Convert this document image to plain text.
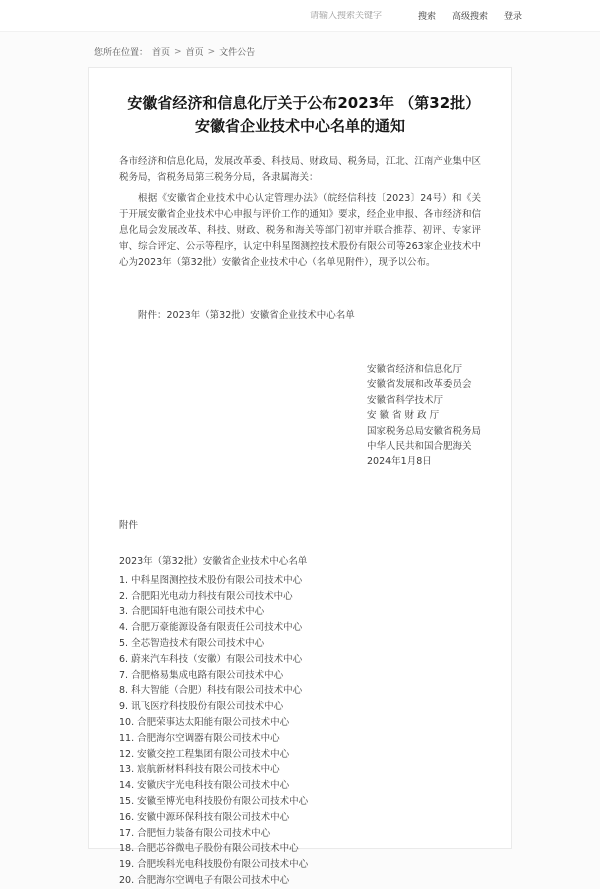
请输入搜索关键字
搜索 高级搜索 登录
您所在位置： 首页 > 首页 > 文件公告
安徽省经济和信息化厅关于公布2023年 （第32批）安徽省企业技术中心名单的通知
各市经济和信息化局，发展改革委、科技局、财政局、税务局，江北、江南产业集中区税务局，省税务局第三税务分局，各隶属海关：
根据《安徽省企业技术中心认定管理办法》（皖经信科技〔2023〕24号）和《关于开展安徽省企业技术中心申报与评价工作的通知》要求，经企业申报、各市经济和信息化局会发展改革、科技、财政、税务和海关等部门初审并联合推荐、初评、专家评审、综合评定、公示等程序，认定中科星图测控技术股份有限公司等263家企业技术中心为2023年（第32批）安徽省企业技术中心（名单见附件），现予以公布。
附件：2023年（第32批）安徽省企业技术中心名单
安徽省经济和信息化厅
安徽省发展和改革委员会
安徽省科学技术厅
安 徽 省 财 政 厅
国家税务总局安徽省税务局
中华人民共和国合肥海关
2024年1月8日
附件
2023年（第32批）安徽省企业技术中心名单
1. 中科星图测控技术股份有限公司技术中心
2. 合肥阳光电动力科技有限公司技术中心
3. 合肥国轩电池有限公司技术中心
4. 合肥万豪能源设备有限责任公司技术中心
5. 全芯智造技术有限公司技术中心
6. 蔚来汽车科技（安徽）有限公司技术中心
7. 合肥格易集成电路有限公司技术中心
8. 科大智能（合肥）科技有限公司技术中心
9. 讯飞医疗科技股份有限公司技术中心
10. 合肥荣事达太阳能有限公司技术中心
11. 合肥海尔空调器有限公司技术中心
12. 安徽交控工程集团有限公司技术中心
13. 宸航新材料科技有限公司技术中心
14. 安徽庆宇光电科技有限公司技术中心
15. 安徽至博光电科技股份有限公司技术中心
16. 安徽中源环保科技有限公司技术中心
17. 合肥恒力装备有限公司技术中心
18. 合肥芯谷微电子股份有限公司技术中心
19. 合肥埃科光电科技股份有限公司技术中心
20. 合肥海尔空调电子有限公司技术中心
